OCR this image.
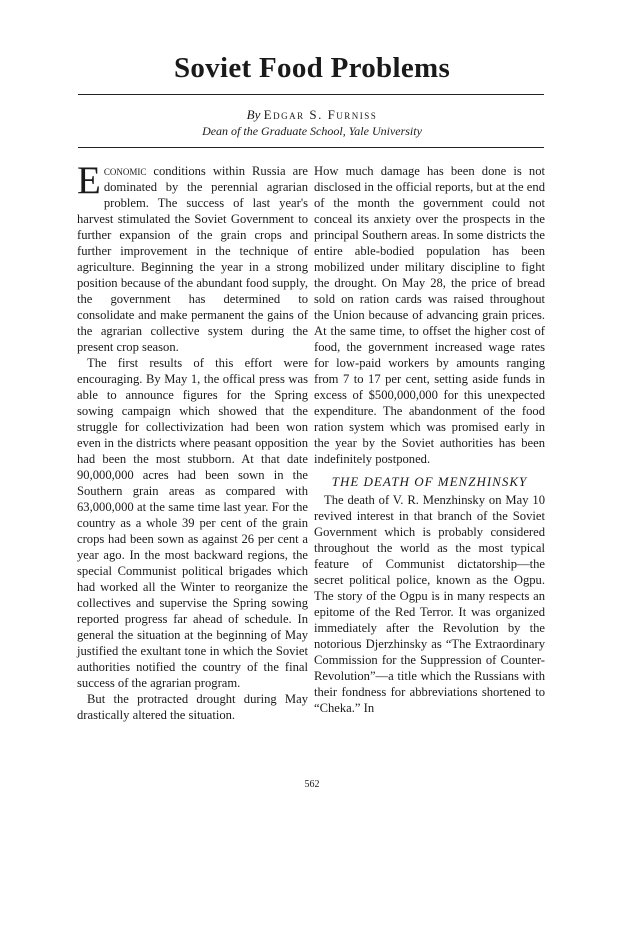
Soviet Food Problems
By Edgar S. Furniss
Dean of the Graduate School, Yale University

Economic conditions within Russia are dominated by the perennial agrarian problem. The success of last year's harvest stimulated the Soviet Government to further expansion of the grain crops and further improvement in the technique of agriculture. Beginning the year in a strong position because of the abundant food supply, the government has determined to consolidate and make permanent the gains of the agrarian collective system during the present crop season.

The first results of this effort were encouraging. By May 1, the offical press was able to announce figures for the Spring sowing campaign which showed that the struggle for collectivization had been won even in the districts where peasant opposition had been the most stubborn. At that date 90,000,000 acres had been sown in the Southern grain areas as compared with 63,000,000 at the same time last year. For the country as a whole 39 per cent of the grain crops had been sown as against 26 per cent a year ago. In the most backward regions, the special Communist political brigades which had worked all the Winter to reorganize the collectives and supervise the Spring sowing reported progress far ahead of schedule. In general the situation at the beginning of May justified the exultant tone in which the Soviet authorities notified the country of the final success of the agrarian program.

But the protracted drought during May drastically altered the situation.

How much damage has been done is not disclosed in the official reports, but at the end of the month the government could not conceal its anxiety over the prospects in the principal Southern areas. In some districts the entire able-bodied population has been mobilized under military discipline to fight the drought. On May 28, the price of bread sold on ration cards was raised throughout the Union because of advancing grain prices. At the same time, to offset the higher cost of food, the government increased wage rates for low-paid workers by amounts ranging from 7 to 17 per cent, setting aside funds in excess of $500,000,000 for this unexpected expenditure. The abandonment of the food ration system which was promised early in the year by the Soviet authorities has been indefinitely postponed.

THE DEATH OF MENZHINSKY

The death of V. R. Menzhinsky on May 10 revived interest in that branch of the Soviet Government which is probably considered throughout the world as the most typical feature of Communist dictatorship—the secret political police, known as the Ogpu. The story of the Ogpu is in many respects an epitome of the Red Terror. It was organized immediately after the Revolution by the notorious Djerzhinsky as “The Extraordinary Commission for the Suppression of Counter-Revolution”—a title which the Russians with their fondness for abbreviations shortened to “Cheka.” In

562
